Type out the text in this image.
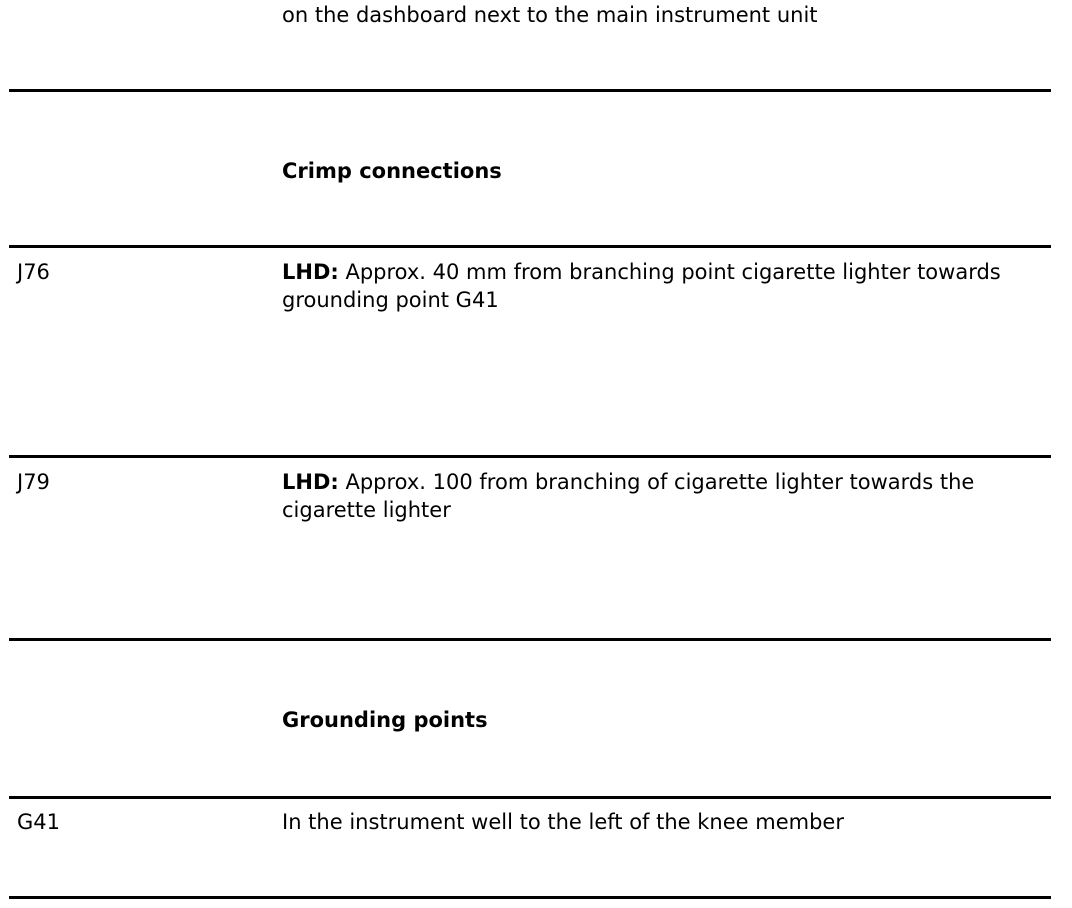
on the dashboard next to the main instrument unit
Crimp connections
J76	LHD: Approx. 40 mm from branching point cigarette lighter towards
grounding point G41
J79	LHD: Approx. 100 from branching of cigarette lighter towards the
cigarette lighter
Grounding points
G41	In the instrument well to the left of the knee member
